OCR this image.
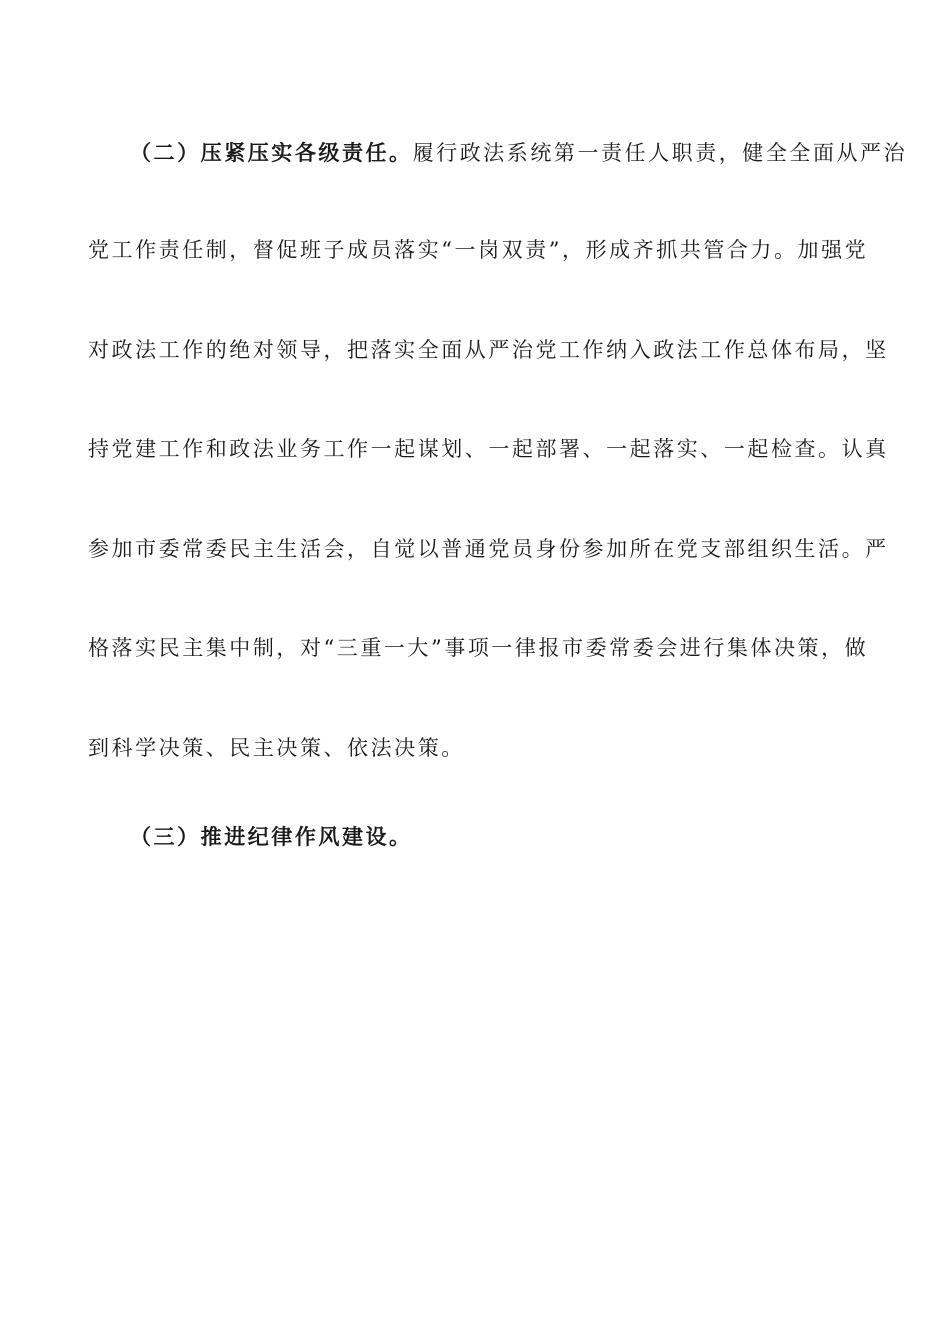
（二）压紧压实各级责任。履行政法系统第一责任人职责，健全全面从严治
党工作责任制，督促班子成员落实“一岗双责”，形成齐抓共管合力。加强党
对政法工作的绝对领导，把落实全面从严治党工作纳入政法工作总体布局，坚
持党建工作和政法业务工作一起谋划、一起部署、一起落实、一起检查。认真
参加市委常委民主生活会，自觉以普通党员身份参加所在党支部组织生活。严
格落实民主集中制，对“三重一大”事项一律报市委常委会进行集体决策，做
到科学决策、民主决策、依法决策。
（三）推进纪律作风建设。
